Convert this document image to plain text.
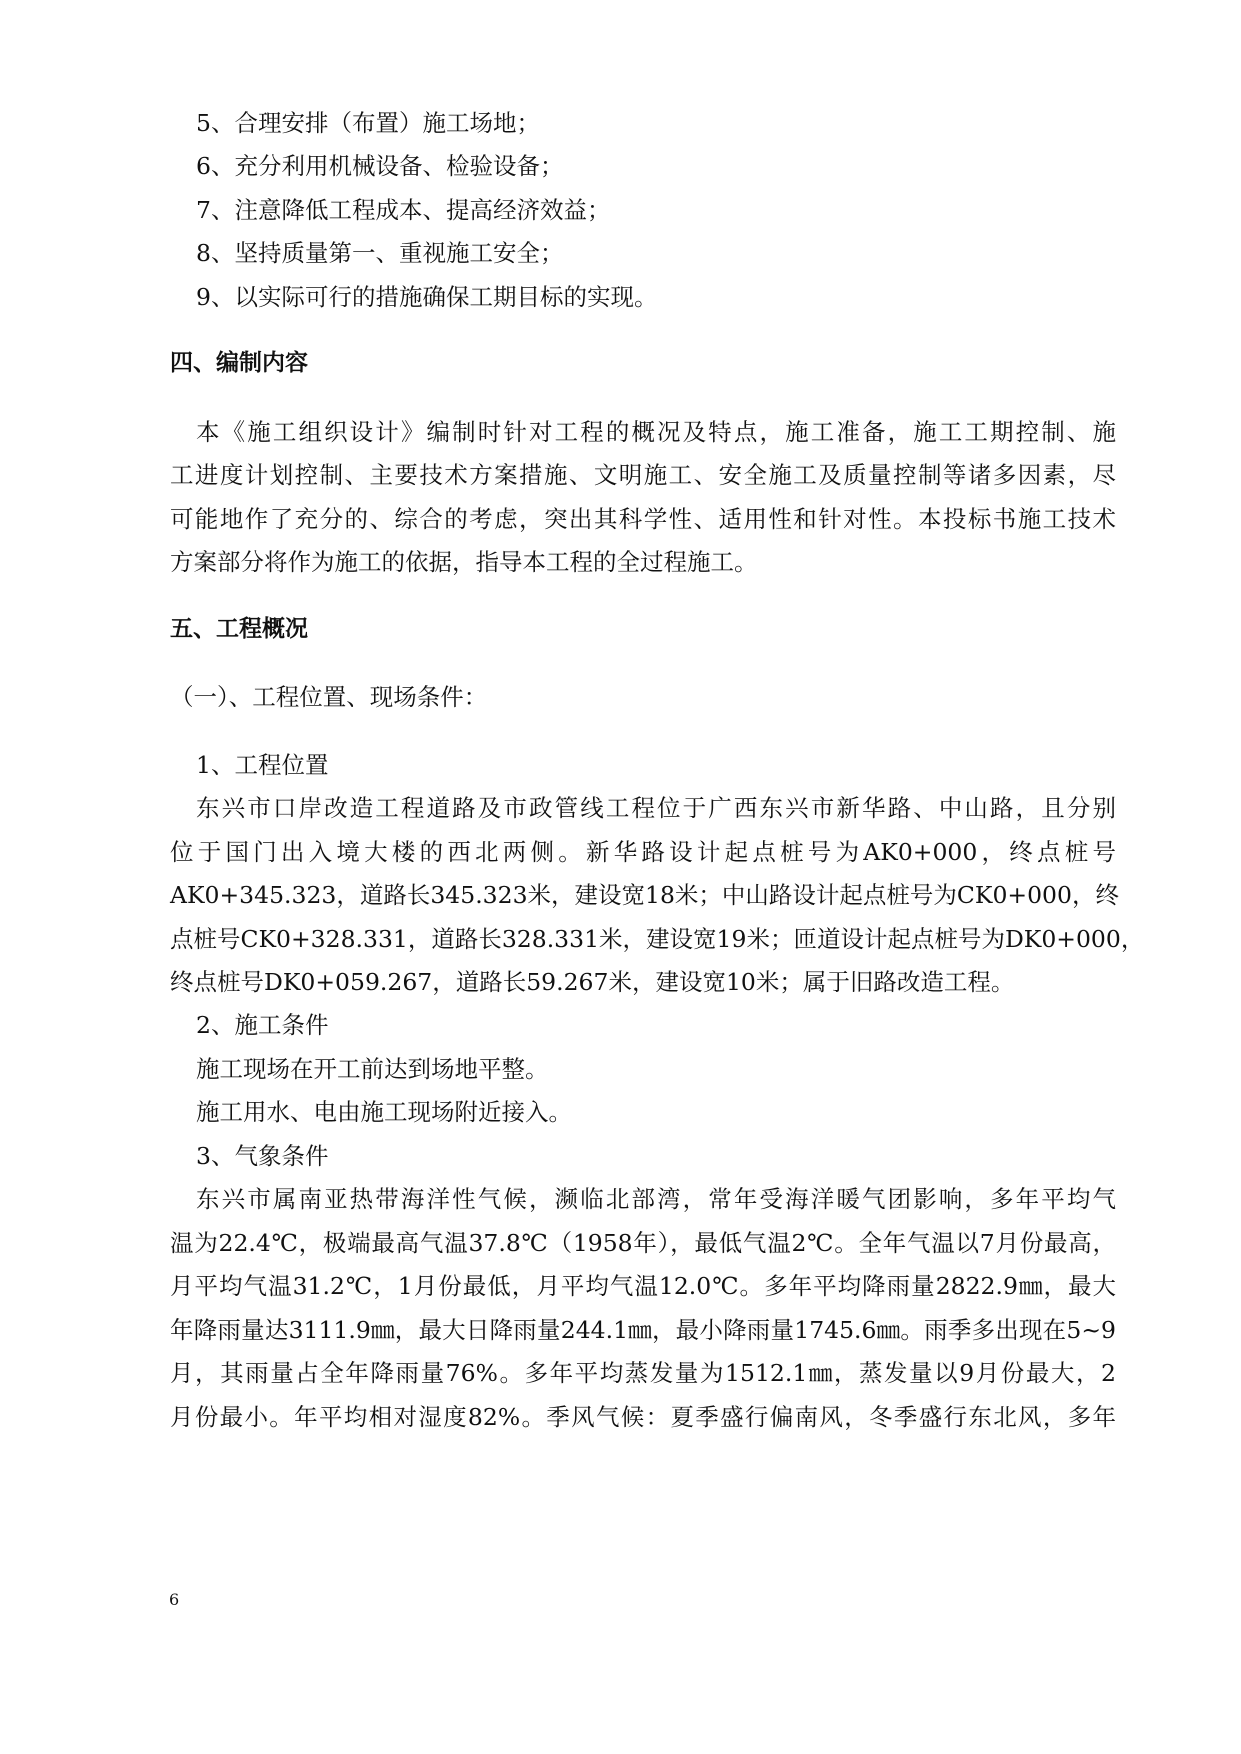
5、合理安排（布置）施工场地；
6、充分利用机械设备、检验设备；
7、注意降低工程成本、提高经济效益；
8、坚持质量第一、重视施工安全；
9、以实际可行的措施确保工期目标的实现。
四、编制内容
本《施工组织设计》编制时针对工程的概况及特点，施工准备，施工工期控制、施
工进度计划控制、主要技术方案措施、文明施工、安全施工及质量控制等诸多因素，尽
可能地作了充分的、综合的考虑，突出其科学性、适用性和针对性。本投标书施工技术
方案部分将作为施工的依据，指导本工程的全过程施工。
五、工程概况
（一）、工程位置、现场条件：
1、工程位置
东兴市口岸改造工程道路及市政管线工程位于广西东兴市新华路、中山路，且分别
位于国门出入境大楼的西北两侧。新华路设计起点桩号为AK0+000，终点桩号
AK0+345.323，道路长345.323米，建设宽18米；中山路设计起点桩号为CK0+000，终
点桩号CK0+328.331，道路长328.331米，建设宽19米；匝道设计起点桩号为DK0+000，
终点桩号DK0+059.267，道路长59.267米，建设宽10米；属于旧路改造工程。
2、施工条件
施工现场在开工前达到场地平整。
施工用水、电由施工现场附近接入。
3、气象条件
东兴市属南亚热带海洋性气候，濒临北部湾，常年受海洋暖气团影响，多年平均气
温为22.4℃，极端最高气温37.8℃（1958年），最低气温2℃。全年气温以7月份最高，
月平均气温31.2℃，1月份最低，月平均气温12.0℃。多年平均降雨量2822.9㎜，最大
年降雨量达3111.9㎜，最大日降雨量244.1㎜，最小降雨量1745.6㎜。雨季多出现在5~9
月，其雨量占全年降雨量76%。多年平均蒸发量为1512.1㎜，蒸发量以9月份最大，2
月份最小。年平均相对湿度82%。季风气候：夏季盛行偏南风，冬季盛行东北风，多年
6
